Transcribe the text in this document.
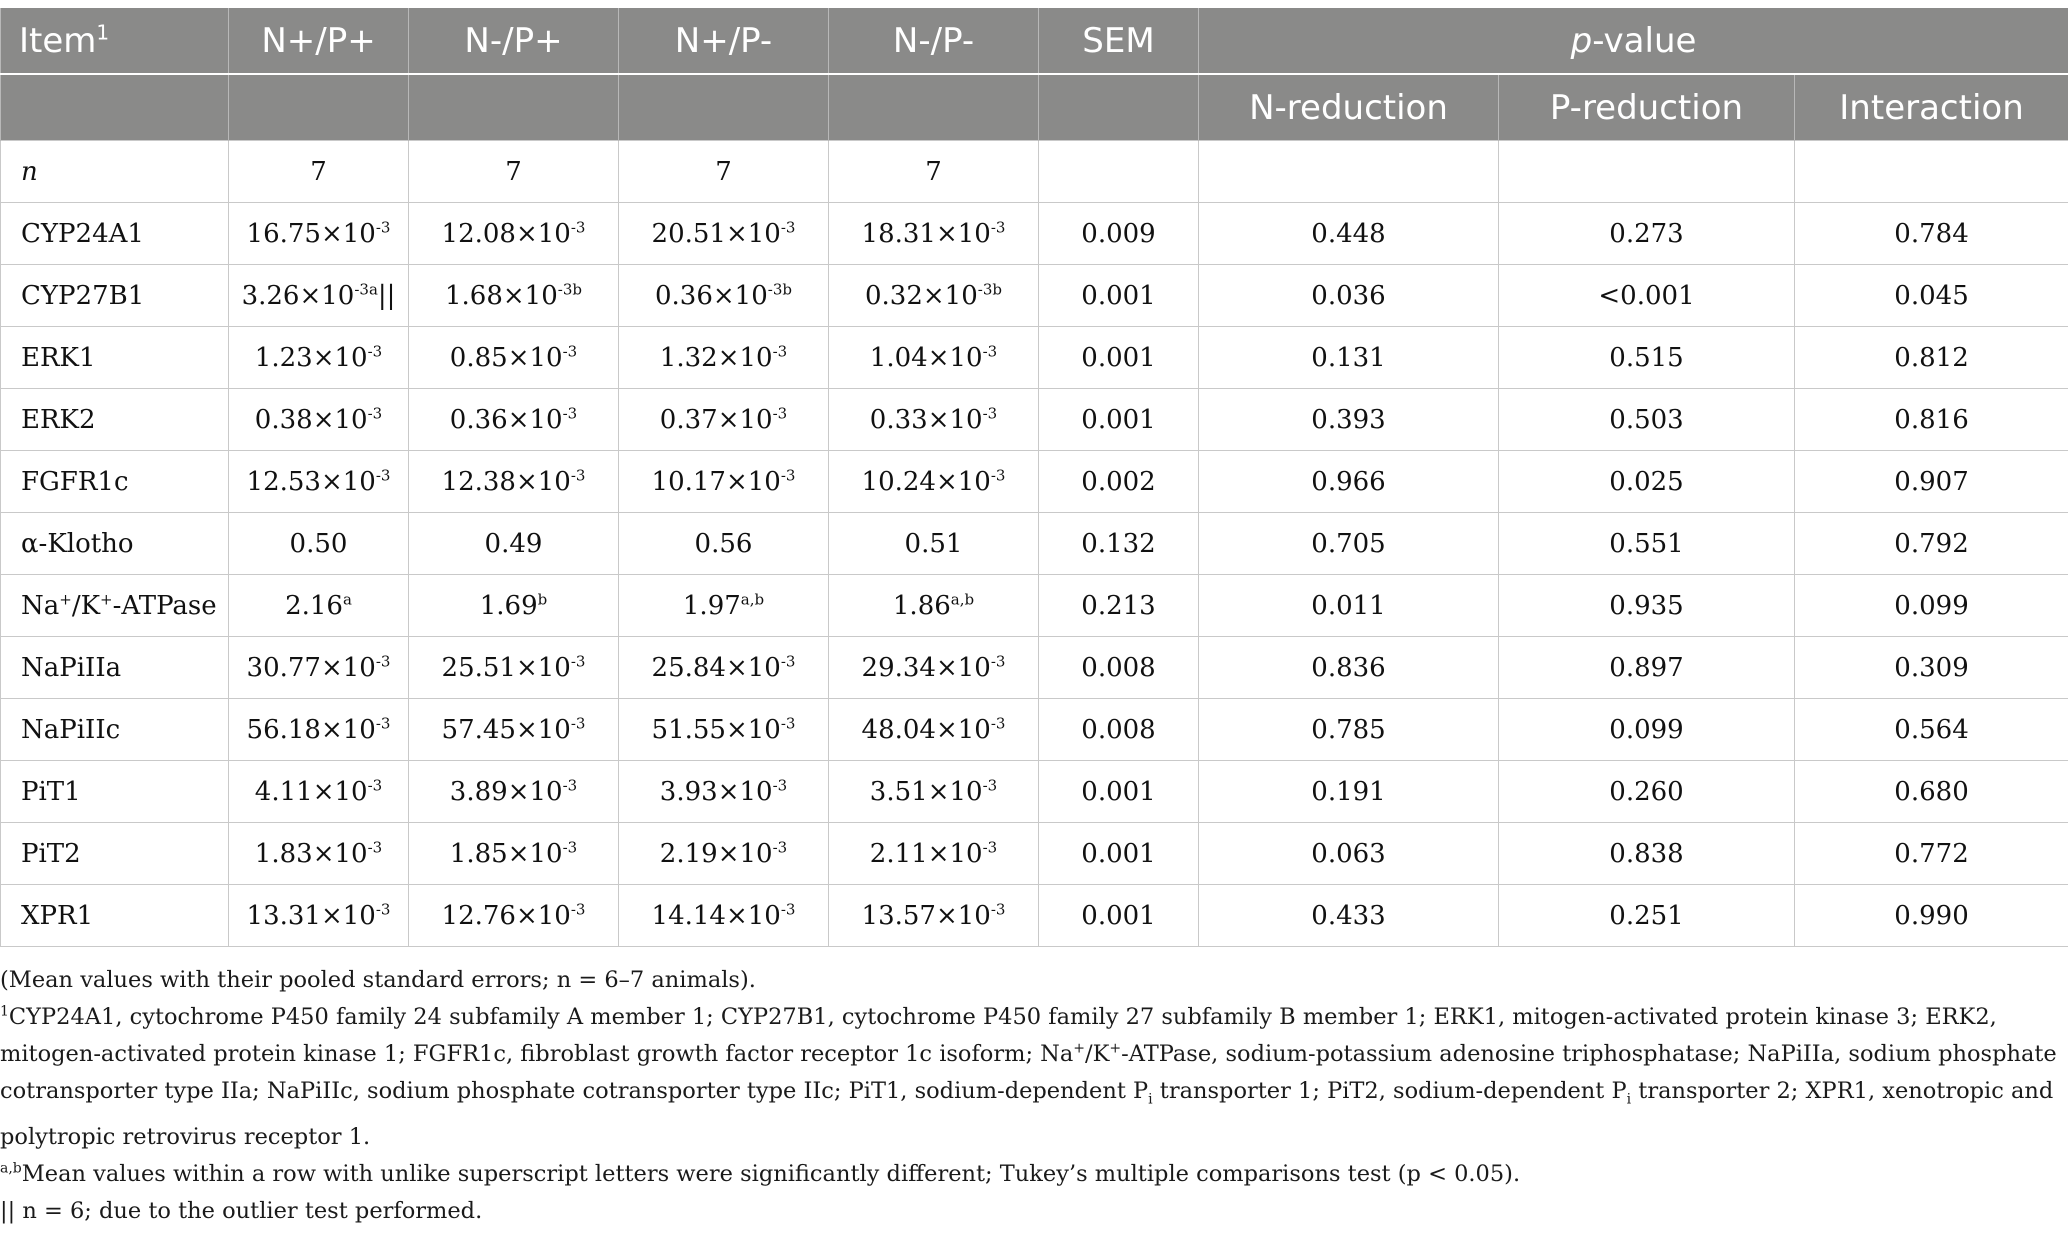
Item$^1$	N+/P+	N-/P+	N+/P-	N-/P-	SEM	p-value		
						N-reduction	P-reduction	Interaction
n	7	7	7	7				
CYP24A1	$16.75\times 10^{-3}$	$12.08\times 10^{-3}$	$20.51\times 10^{-3}$	$18.31\times 10^{-3}$	0.009	0.448	0.273	0.784
CYP27B1	$3.26\times 10^{-3a}||$	$1.68\times 10^{-3b}$	$0.36\times 10^{-3b}$	$0.32\times 10^{-3b}$	0.001	0.036	<0.001	0.045
ERK1	$1.23\times 10^{-3}$	$0.85\times 10^{-3}$	$1.32\times 10^{-3}$	$1.04\times 10^{-3}$	0.001	0.131	0.515	0.812
ERK2	$0.38\times 10^{-3}$	$0.36\times 10^{-3}$	$0.37\times 10^{-3}$	$0.33\times 10^{-3}$	0.001	0.393	0.503	0.816
FGFR1c	$12.53\times 10^{-3}$	$12.38\times 10^{-3}$	$10.17\times 10^{-3}$	$10.24\times 10^{-3}$	0.002	0.966	0.025	0.907
α-Klotho	0.50	0.49	0.56	0.51	0.132	0.705	0.551	0.792
Na+/K+-ATPase	2.16$^a$	1.69$^b$	1.97$^{a,b}$	1.86$^{a,b}$	0.213	0.011	0.935	0.099
NaPiIIa	$30.77\times 10^{-3}$	$25.51\times 10^{-3}$	$25.84\times 10^{-3}$	$29.34\times 10^{-3}$	0.008	0.836	0.897	0.309
NaPiIIc	$56.18\times 10^{-3}$	$57.45\times 10^{-3}$	$51.55\times 10^{-3}$	$48.04\times 10^{-3}$	0.008	0.785	0.099	0.564
PiT1	$4.11\times 10^{-3}$	$3.89\times 10^{-3}$	$3.93\times 10^{-3}$	$3.51\times 10^{-3}$	0.001	0.191	0.260	0.680
PiT2	$1.83\times 10^{-3}$	$1.85\times 10^{-3}$	$2.19\times 10^{-3}$	$2.11\times 10^{-3}$	0.001	0.063	0.838	0.772
XPR1	$13.31\times 10^{-3}$	$12.76\times 10^{-3}$	$14.14\times 10^{-3}$	$13.57\times 10^{-3}$	0.001	0.433	0.251	0.990

(Mean values with their pooled standard errors; n = 6–7 animals).

$^1$CYP24A1, cytochrome P450 family 24 subfamily A member 1; CYP27B1, cytochrome P450 family 27 subfamily B member 1; ERK1, mitogen-activated protein kinase 3; ERK2, mitogen-activated protein kinase 1; FGFR1c, fibroblast growth factor receptor 1c isoform; Na+/K+-ATPase, sodium-potassium adenosine triphosphatase; NaPiIIa, sodium phosphate cotransporter type IIa; NaPiIIc, sodium phosphate cotransporter type IIc; PiT1, sodium-dependent $P_i$ transporter 1; PiT2, sodium-dependent $P_i$ transporter 2; XPR1, xenotropic and polytropic retrovirus receptor 1.

$^{a,b}$Mean values within a row with unlike superscript letters were significantly different; Tukey’s multiple comparisons test (p < 0.05).

|| n = 6; due to the outlier test performed.
